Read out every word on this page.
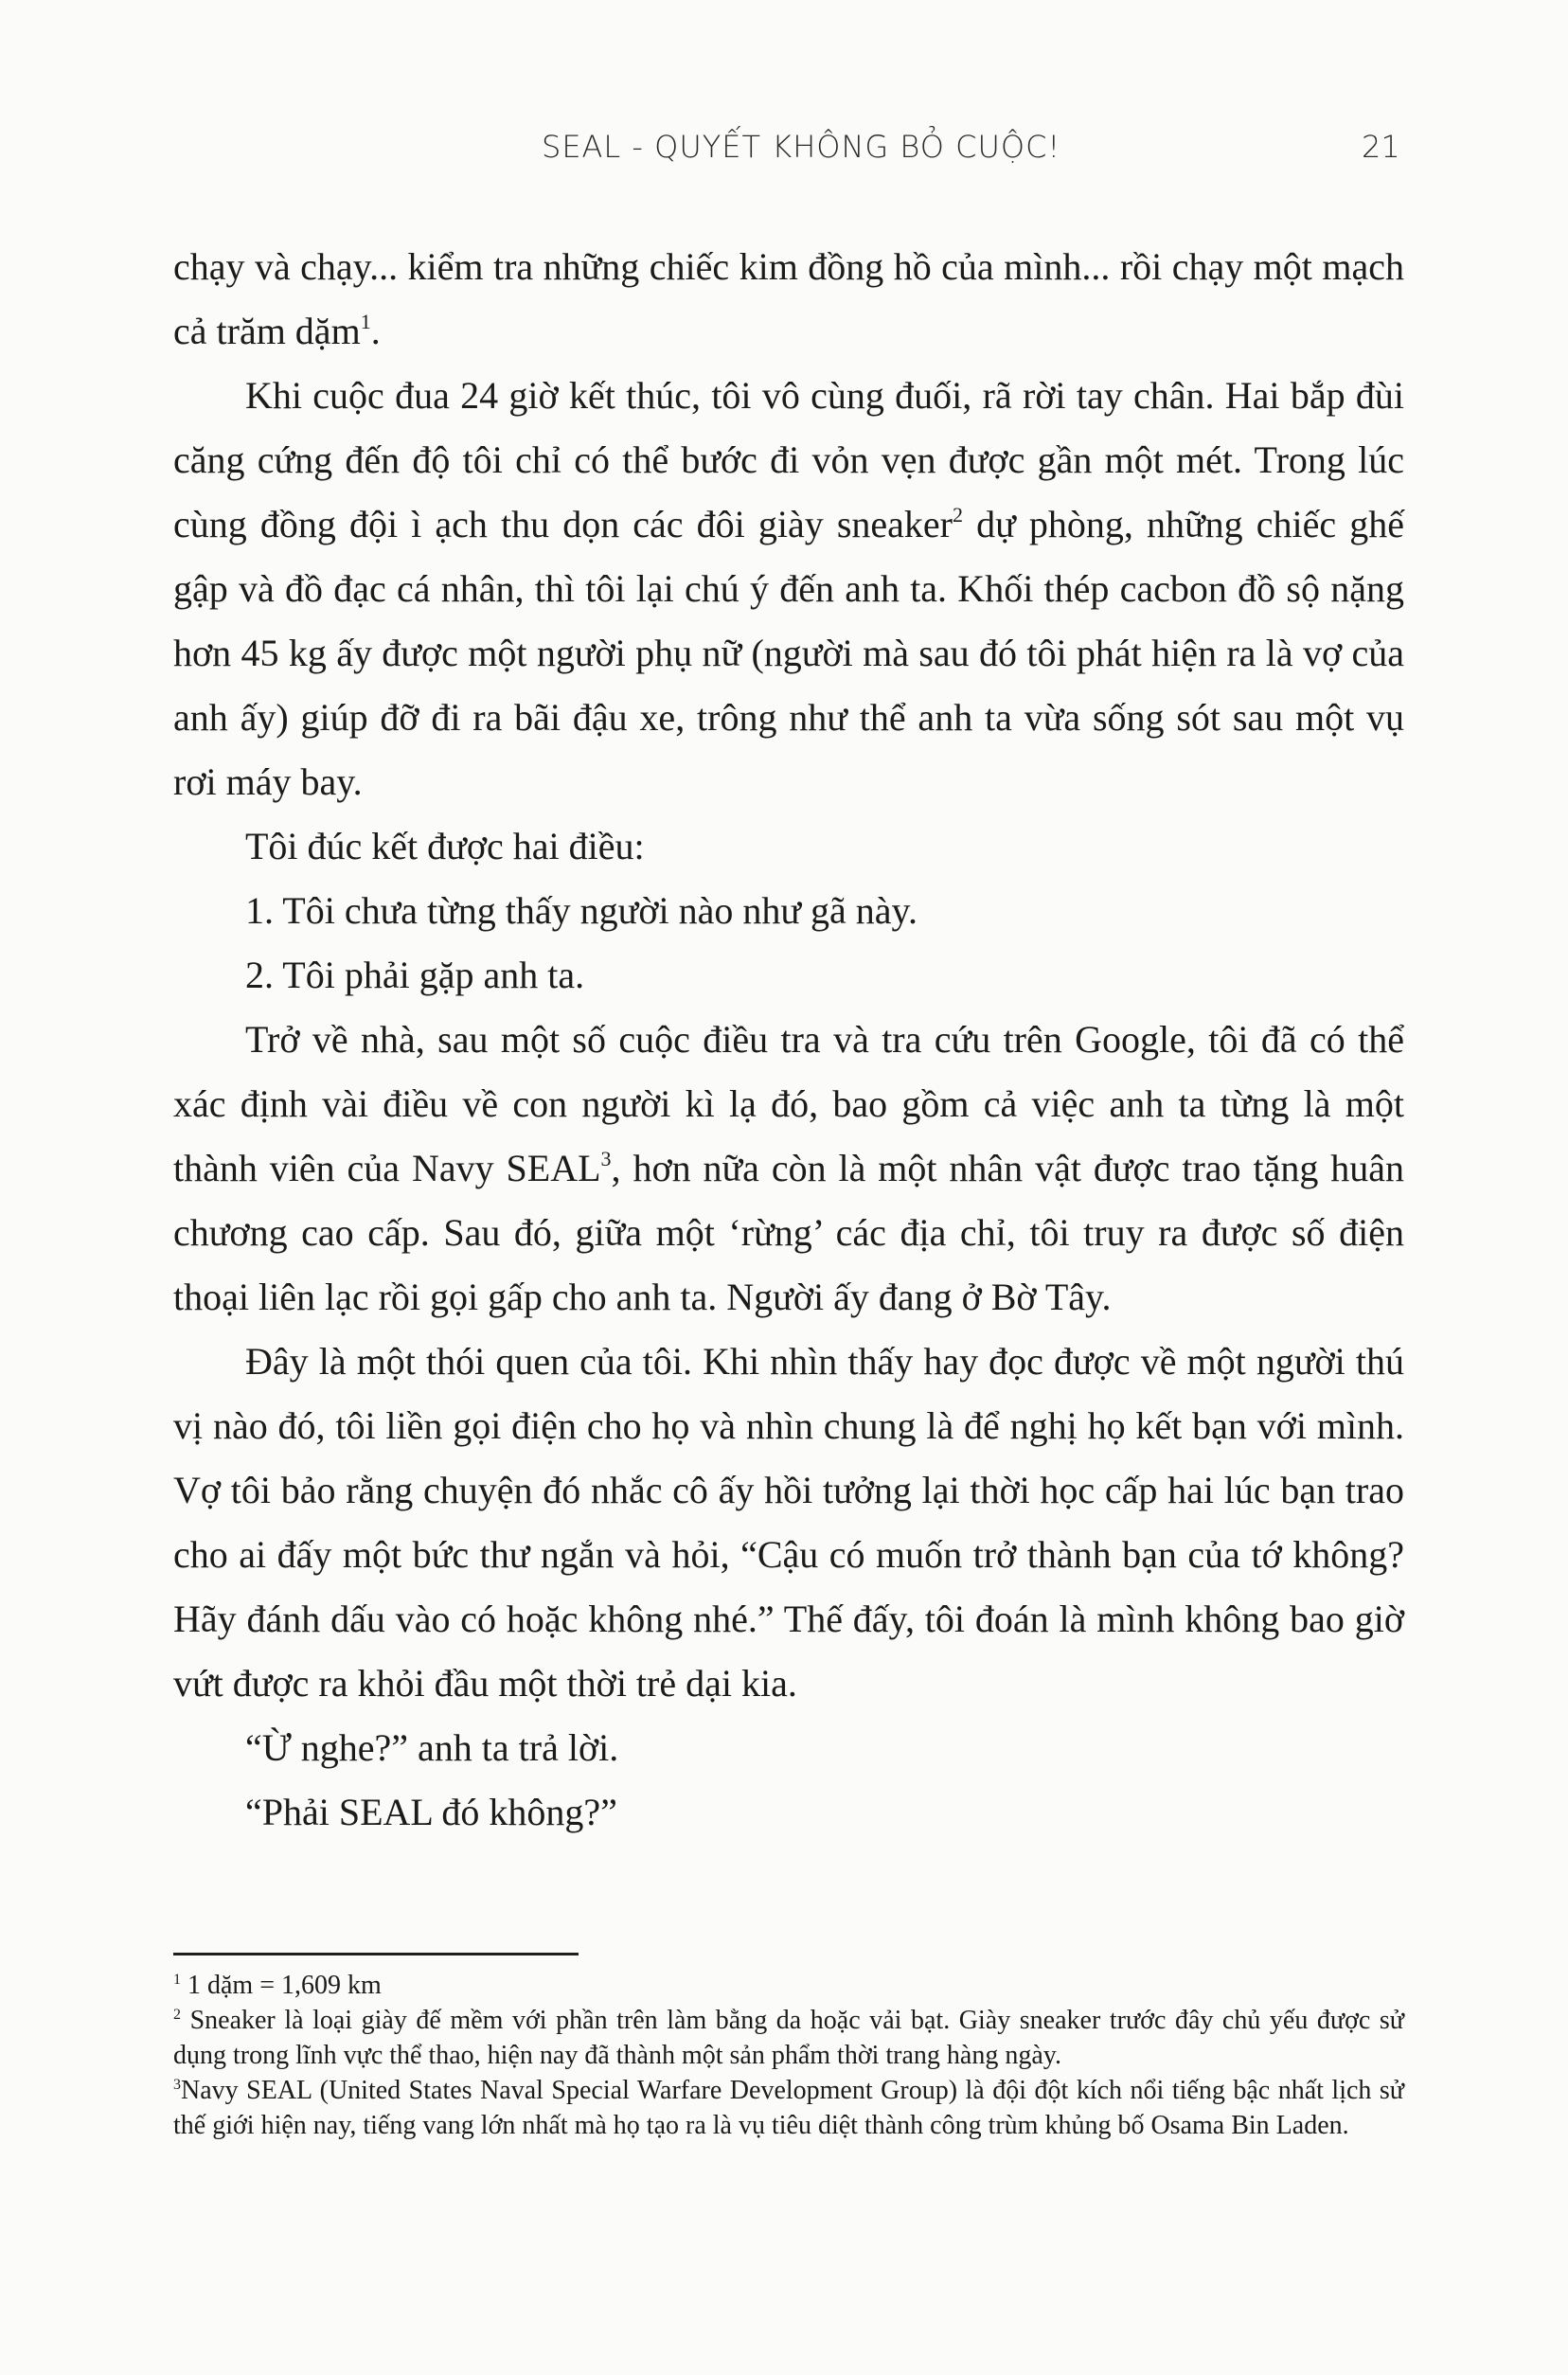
SEAL - QUYẾT KHÔNG BỎ CUỘC!	21

chạy và chạy... kiểm tra những chiếc kim đồng hồ của mình... rồi chạy một mạch cả trăm dặm$^1$.

Khi cuộc đua 24 giờ kết thúc, tôi vô cùng đuối, rã rời tay chân. Hai bắp đùi căng cứng đến độ tôi chỉ có thể bước đi vỏn vẹn được gần một mét. Trong lúc cùng đồng đội ì ạch thu dọn các đôi giày sneaker$^2$ dự phòng, những chiếc ghế gập và đồ đạc cá nhân, thì tôi lại chú ý đến anh ta. Khối thép cacbon đồ sộ nặng hơn 45 kg ấy được một người phụ nữ (người mà sau đó tôi phát hiện ra là vợ của anh ấy) giúp đỡ đi ra bãi đậu xe, trông như thể anh ta vừa sống sót sau một vụ rơi máy bay.

Tôi đúc kết được hai điều:

1. Tôi chưa từng thấy người nào như gã này.

2. Tôi phải gặp anh ta.

Trở về nhà, sau một số cuộc điều tra và tra cứu trên Google, tôi đã có thể xác định vài điều về con người kì lạ đó, bao gồm cả việc anh ta từng là một thành viên của Navy SEAL$^3$, hơn nữa còn là một nhân vật được trao tặng huân chương cao cấp. Sau đó, giữa một ‘rừng’ các địa chỉ, tôi truy ra được số điện thoại liên lạc rồi gọi gấp cho anh ta. Người ấy đang ở Bờ Tây.

Đây là một thói quen của tôi. Khi nhìn thấy hay đọc được về một người thú vị nào đó, tôi liền gọi điện cho họ và nhìn chung là để nghị họ kết bạn với mình. Vợ tôi bảo rằng chuyện đó nhắc cô ấy hồi tưởng lại thời học cấp hai lúc bạn trao cho ai đấy một bức thư ngắn và hỏi, “Cậu có muốn trở thành bạn của tớ không? Hãy đánh dấu vào có hoặc không nhé.” Thế đấy, tôi đoán là mình không bao giờ vứt được ra khỏi đầu một thời trẻ dại kia.

“Ừ nghe?” anh ta trả lời.

“Phải SEAL đó không?”

$^1$ 1 dặm = 1,609 km

$^2$ Sneaker là loại giày đế mềm với phần trên làm bằng da hoặc vải bạt. Giày sneaker trước đây chủ yếu được sử dụng trong lĩnh vực thể thao, hiện nay đã thành một sản phẩm thời trang hàng ngày.

$^3$Navy SEAL (United States Naval Special Warfare Development Group) là đội đột kích nổi tiếng bậc nhất lịch sử thế giới hiện nay, tiếng vang lớn nhất mà họ tạo ra là vụ tiêu diệt thành công trùm khủng bố Osama Bin Laden.
